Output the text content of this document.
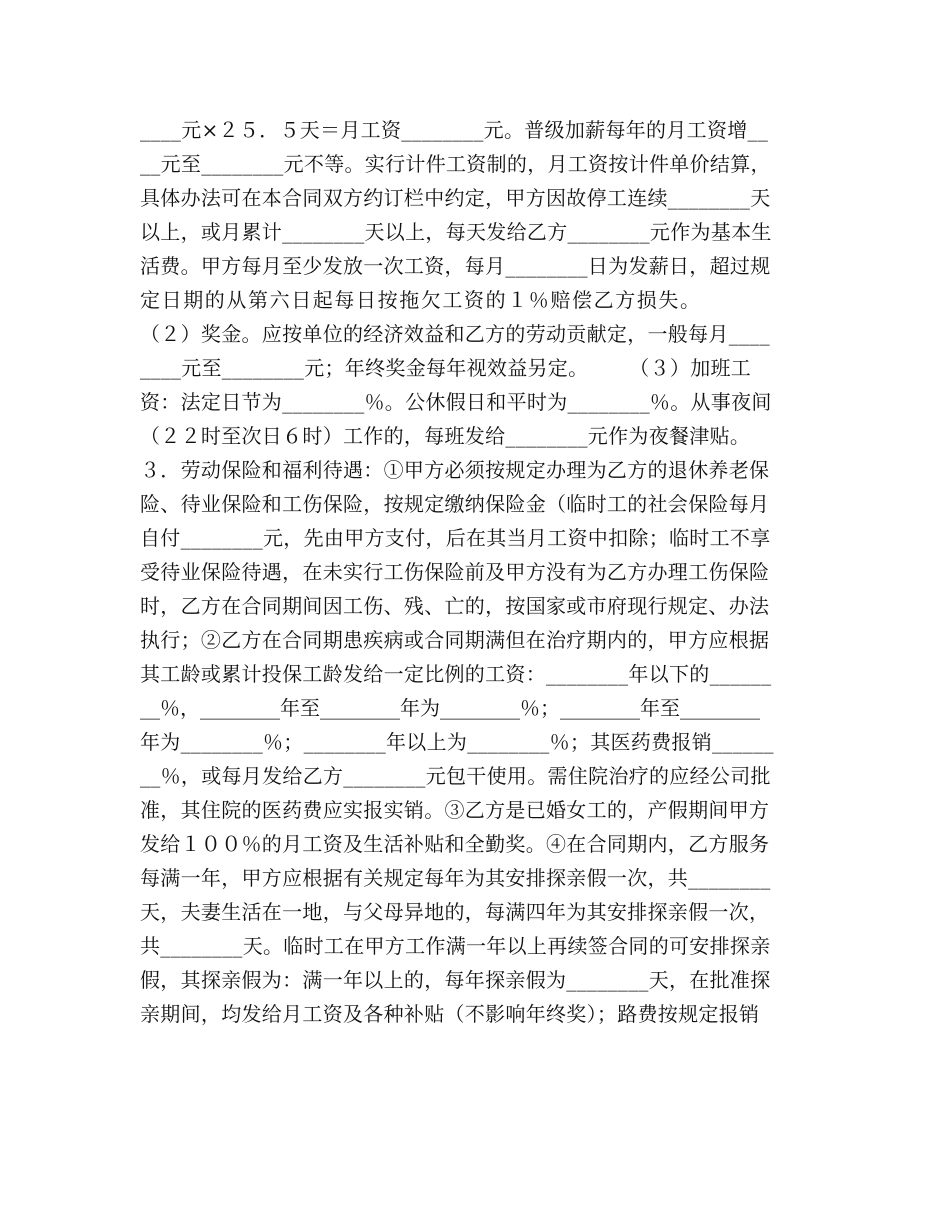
____元×２５．５天＝月工资________元。普级加薪每年的月工资增__
__元至________元不等。实行计件工资制的，月工资按计件单价结算，
具体办法可在本合同双方约订栏中约定，甲方因故停工连续________天
以上，或月累计________天以上，每天发给乙方________元作为基本生
活费。甲方每月至少发放一次工资，每月________日为发薪日，超过规
定日期的从第六日起每日按拖欠工资的１％赔偿乙方损失。
（２）奖金。应按单位的经济效益和乙方的劳动贡献定，一般每月____
____元至________元；年终奖金每年视效益另定。　　　（３）加班工
资：法定日节为________％。公休假日和平时为________％。从事夜间
（２２时至次日６时）工作的，每班发给________元作为夜餐津贴。
３．劳动保险和福利待遇：①甲方必须按规定办理为乙方的退休养老保
险、待业保险和工伤保险，按规定缴纳保险金（临时工的社会保险每月
自付________元，先由甲方支付，后在其当月工资中扣除；临时工不享
受待业保险待遇，在未实行工伤保险前及甲方没有为乙方办理工伤保险
时，乙方在合同期间因工伤、残、亡的，按国家或市府现行规定、办法
执行；②乙方在合同期患疾病或合同期满但在治疗期内的，甲方应根据
其工龄或累计投保工龄发给一定比例的工资：________年以下的______
__％，________年至________年为________％；________年至________
年为________％；________年以上为________％；其医药费报销______
__％，或每月发给乙方________元包干使用。需住院治疗的应经公司批
准，其住院的医药费应实报实销。③乙方是已婚女工的，产假期间甲方
发给１００％的月工资及生活补贴和全勤奖。④在合同期内，乙方服务
每满一年，甲方应根据有关规定每年为其安排探亲假一次，共________
天，夫妻生活在一地，与父母异地的，每满四年为其安排探亲假一次，
共________天。临时工在甲方工作满一年以上再续签合同的可安排探亲
假，其探亲假为：满一年以上的，每年探亲假为________天，在批准探
亲期间，均发给月工资及各种补贴（不影响年终奖）；路费按规定报销
